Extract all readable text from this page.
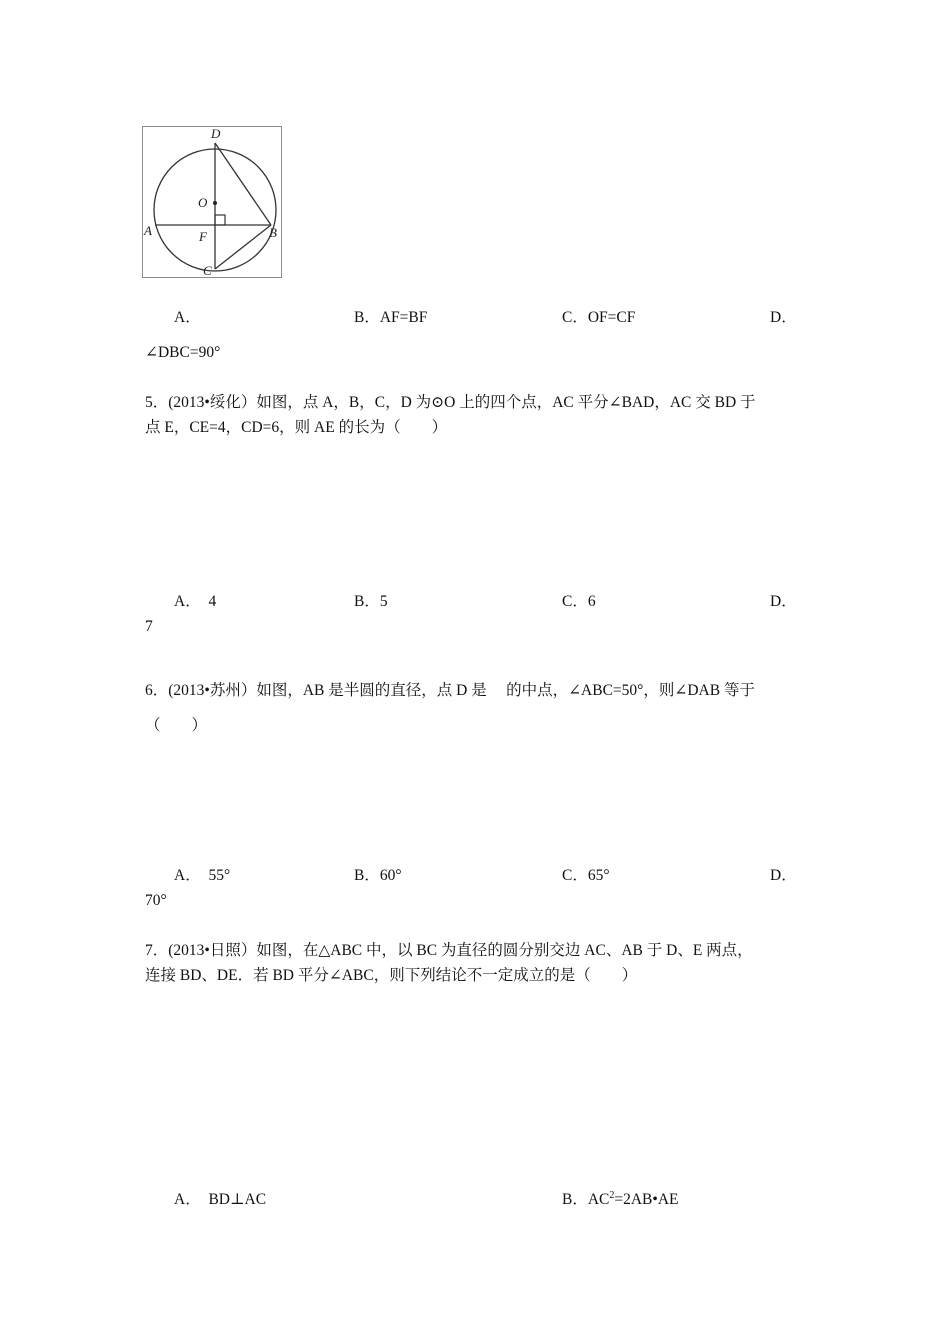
D
O
A	F	B
C
A．	B．AF=BF	C．OF=CF	D．
∠DBC=90°
5．(2013•绥化）如图，点 A，B，C，D 为⊙O 上的四个点，AC 平分∠BAD，AC 交 BD 于
点 E，CE=4，CD=6，则 AE 的长为（　　）
A．　4	B．5	C．6	D．
7
6．(2013•苏州）如图，AB 是半圆的直径，点 D 是　 的中点，∠ABC=50°，则∠DAB 等于
（　　）
A．　55°	B．60°	C．65°	D．
70°
7．(2013•日照）如图，在△ABC 中，以 BC 为直径的圆分别交边 AC、AB 于 D、E 两点，
连接 BD、DE．若 BD 平分∠ABC，则下列结论不一定成立的是（　　）
A．　BD⊥AC	B．$AC^2=2AB•AE$
